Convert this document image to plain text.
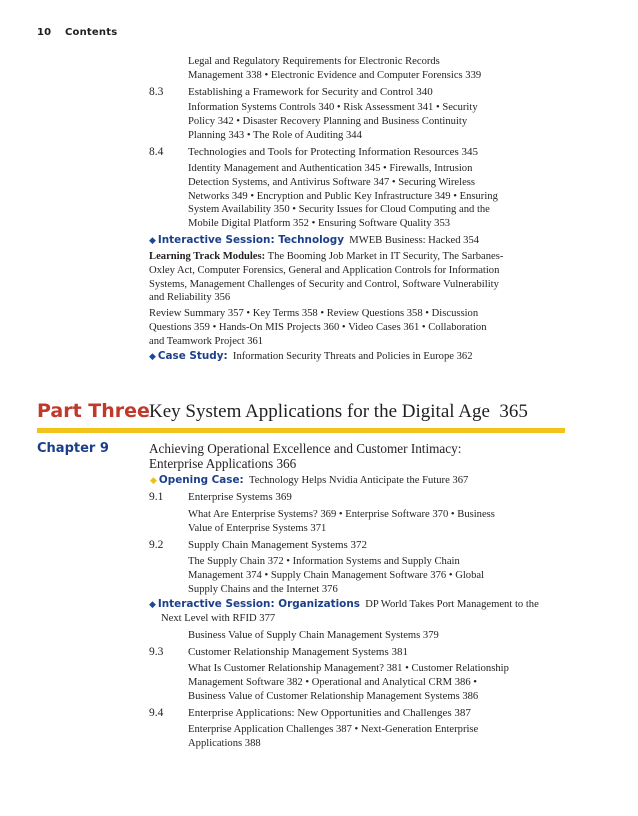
10 Contents
Legal and Regulatory Requirements for Electronic Records
Management 338 • Electronic Evidence and Computer Forensics 339
8.3 Establishing a Framework for Security and Control 340
Information Systems Controls 340 • Risk Assessment 341 • Security
Policy 342 • Disaster Recovery Planning and Business Continuity
Planning 343 • The Role of Auditing 344
8.4 Technologies and Tools for Protecting Information Resources 345
Identity Management and Authentication 345 • Firewalls, Intrusion
Detection Systems, and Antivirus Software 347 • Securing Wireless
Networks 349 • Encryption and Public Key Infrastructure 349 • Ensuring
System Availability 350 • Security Issues for Cloud Computing and the
Mobile Digital Platform 352 • Ensuring Software Quality 353
◆ Interactive Session: Technology MWEB Business: Hacked 354
Learning Track Modules: The Booming Job Market in IT Security, The Sarbanes-
Oxley Act, Computer Forensics, General and Application Controls for Information
Systems, Management Challenges of Security and Control, Software Vulnerability
and Reliability 356
Review Summary 357 • Key Terms 358 • Review Questions 358 • Discussion
Questions 359 • Hands-On MIS Projects 360 • Video Cases 361 • Collaboration
and Teamwork Project 361
◆ Case Study: Information Security Threats and Policies in Europe 362
Part Three Key System Applications for the Digital Age 365
Chapter 9	Achieving Operational Excellence and Customer Intimacy:
Enterprise Applications 366
◆ Opening Case: Technology Helps Nvidia Anticipate the Future 367
9.1 Enterprise Systems 369
What Are Enterprise Systems? 369 • Enterprise Software 370 • Business
Value of Enterprise Systems 371
9.2 Supply Chain Management Systems 372
The Supply Chain 372 • Information Systems and Supply Chain
Management 374 • Supply Chain Management Software 376 • Global
Supply Chains and the Internet 376
◆ Interactive Session: Organizations DP World Takes Port Management to the
Next Level with RFID 377
Business Value of Supply Chain Management Systems 379
9.3 Customer Relationship Management Systems 381
What Is Customer Relationship Management? 381 • Customer Relationship
Management Software 382 • Operational and Analytical CRM 386 •
Business Value of Customer Relationship Management Systems 386
9.4 Enterprise Applications: New Opportunities and Challenges 387
Enterprise Application Challenges 387 • Next-Generation Enterprise
Applications 388
